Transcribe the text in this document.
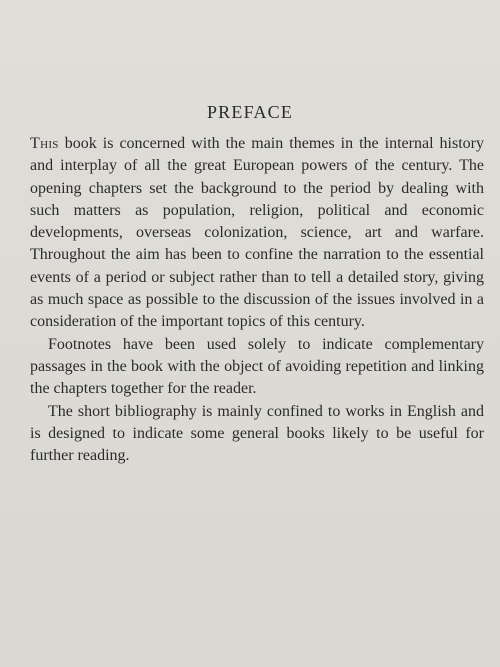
PREFACE

This book is concerned with the main themes in the internal history and interplay of all the great European powers of the century. The opening chapters set the background to the period by dealing with such matters as population, religion, political and economic developments, overseas colonization, science, art and warfare. Throughout the aim has been to confine the narration to the essential events of a period or subject rather than to tell a detailed story, giving as much space as possible to the discussion of the issues involved in a consideration of the important topics of this century.

Footnotes have been used solely to indicate complementary passages in the book with the object of avoiding repetition and linking the chapters together for the reader.

The short bibliography is mainly confined to works in English and is designed to indicate some general books likely to be useful for further reading.
